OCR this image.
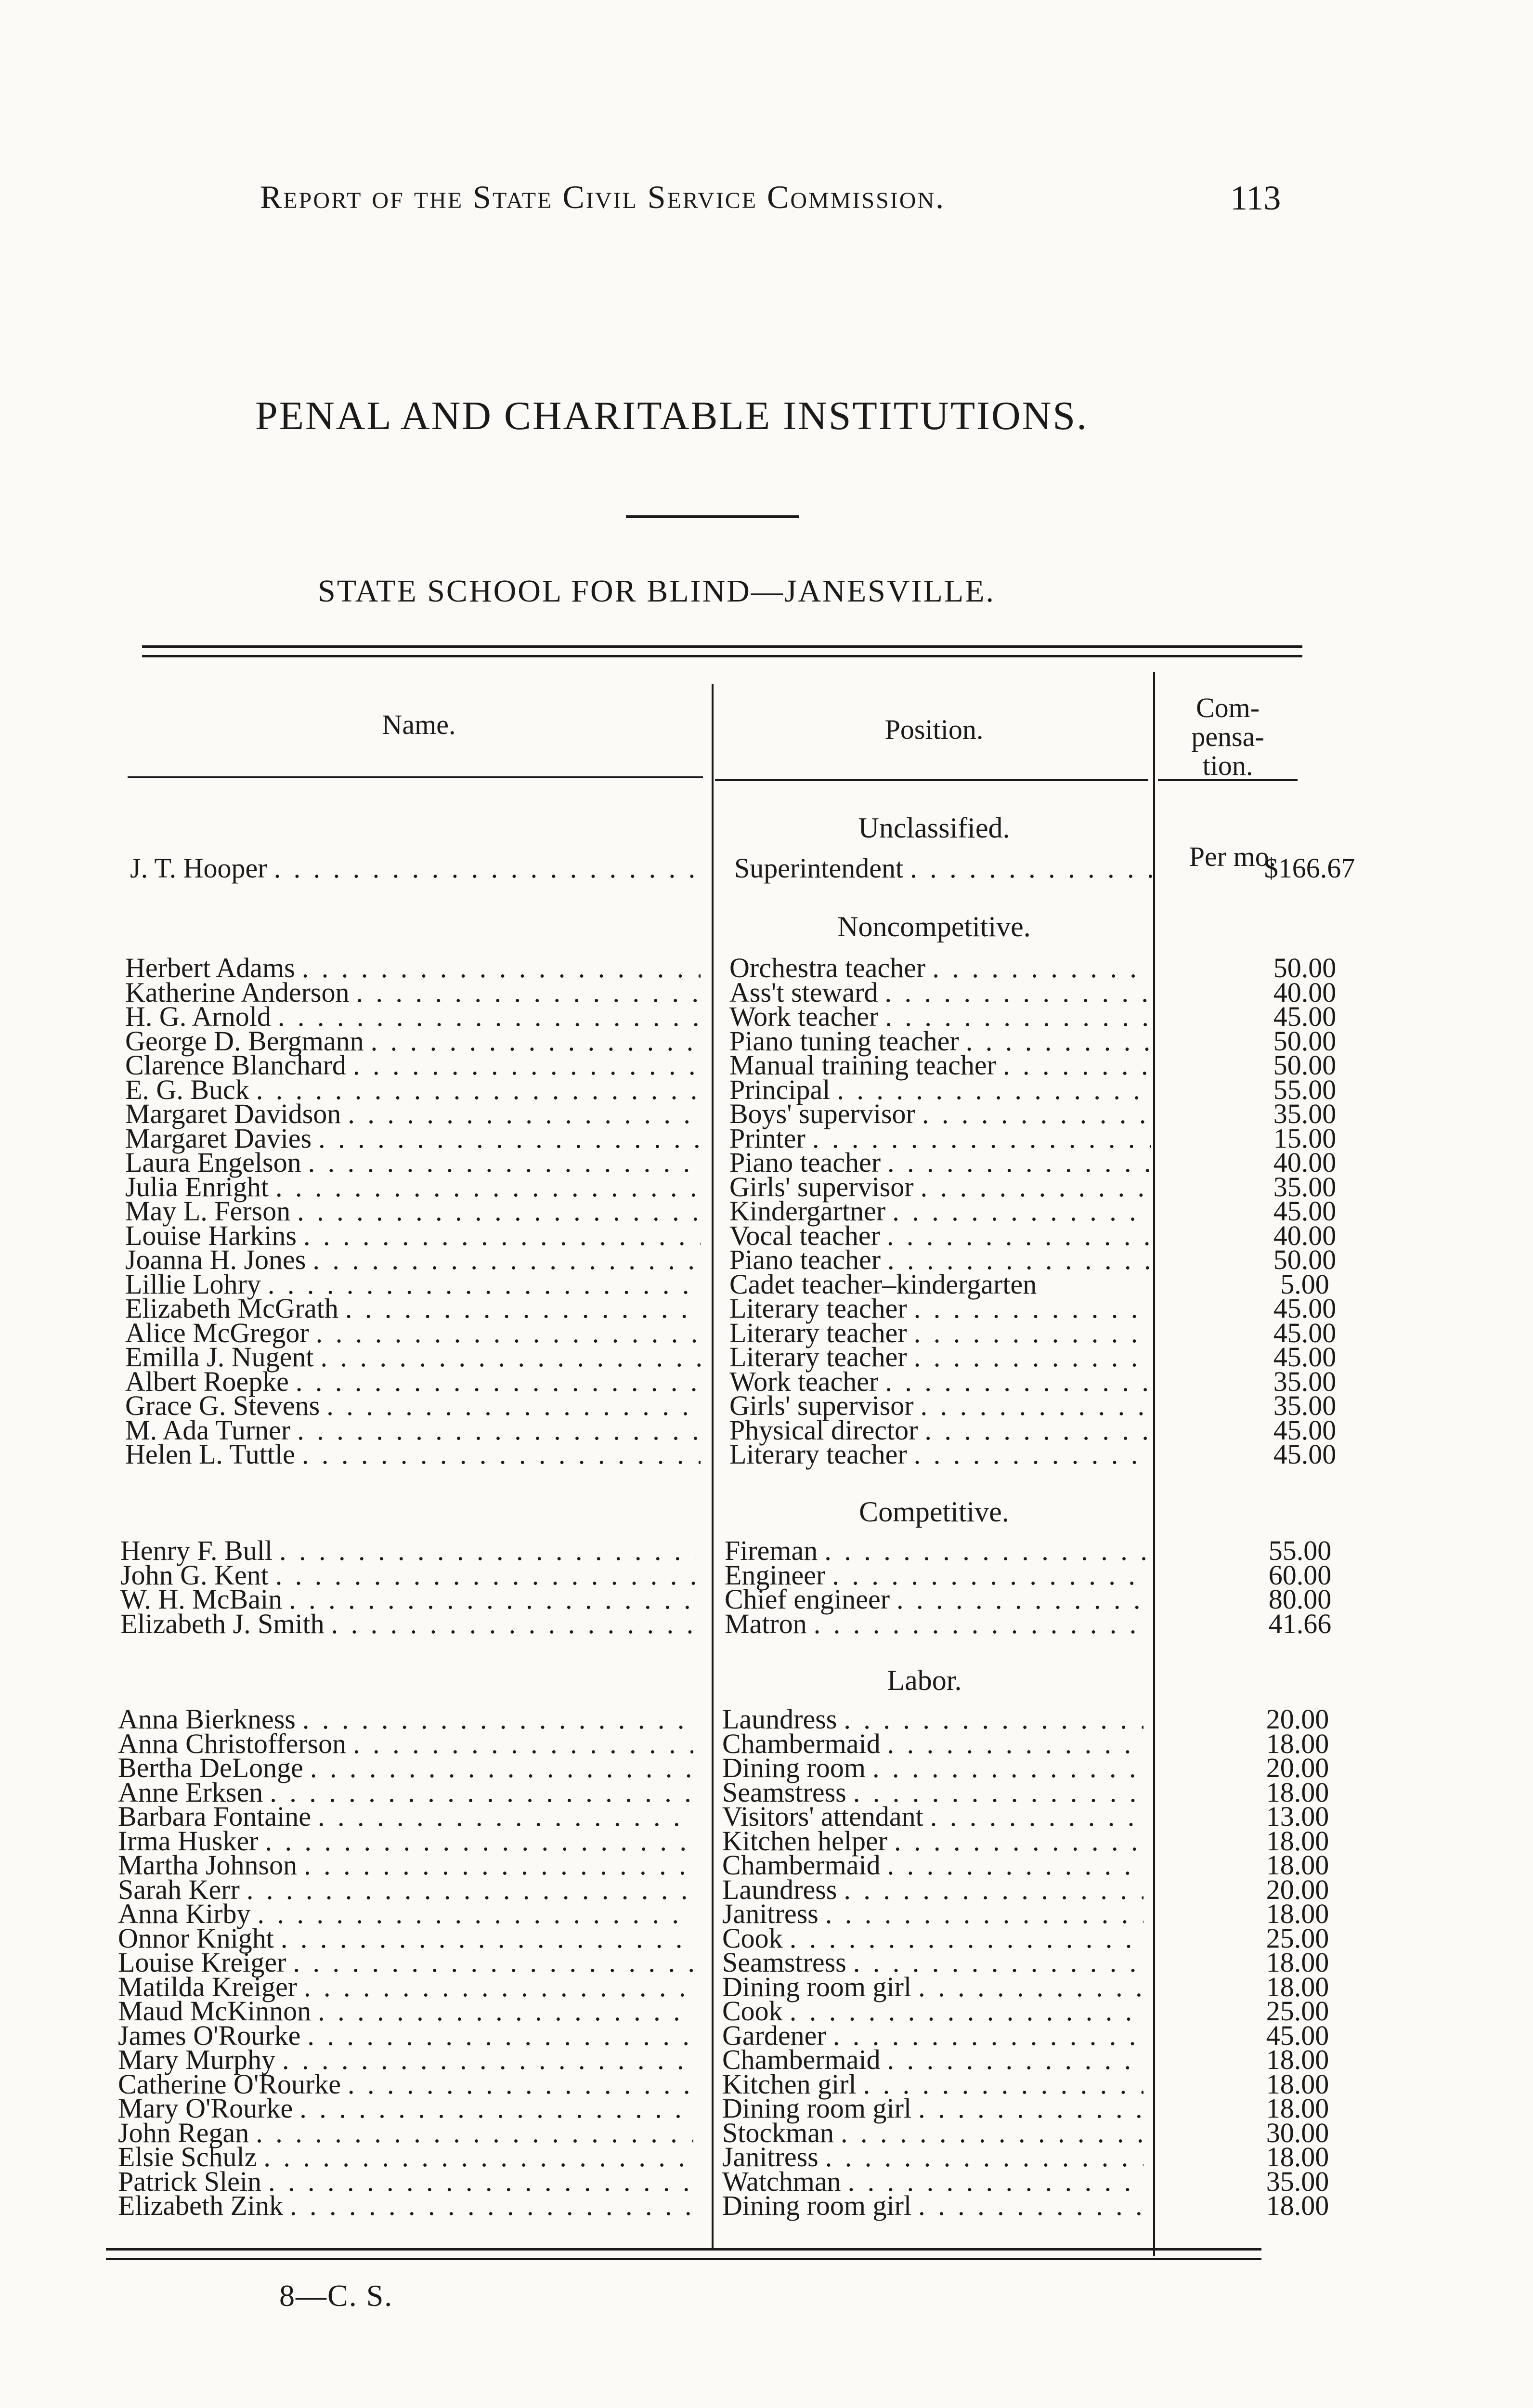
Report of the State Civil Service Commission.	113
PENAL AND CHARITABLE INSTITUTIONS.
STATE SCHOOL FOR BLIND—JANESVILLE.
Name.	Position.
Com-
pensa-
tion.
Unclassified.
Per mo.
J. T. Hooper . . .	Superintendent . . .	$166.67
Noncompetitive.
Herbert Adams . . .	Orchestra teacher . . .	50.00
Katherine Anderson . . .	Ass't steward . . .	40.00
H. G. Arnold . . .	Work teacher . . .	45.00
George D. Bergmann . . .	Piano tuning teacher . . .	50.00
Clarence Blanchard . . .	Manual training teacher . . .	50.00
E. G. Buck . . .	Principal . . .	55.00
Margaret Davidson . . .	Boys' supervisor . . .	35.00
Margaret Davies . . .	Printer . . .	15.00
Laura Engelson . . .	Piano teacher . . .	40.00
Julia Enright . . .	Girls' supervisor . . .	35.00
May L. Ferson . . .	Kindergartner . . .	45.00
Louise Harkins . . .	Vocal teacher . . .	40.00
Joanna H. Jones . . .	Piano teacher . . .	50.00
Lillie Lohry . . .	Cadet teacher–kindergarten	5.00
Elizabeth McGrath . . .	Literary teacher . . .	45.00
Alice McGregor . . .	Literary teacher . . .	45.00
Emilla J. Nugent . . .	Literary teacher . . .	45.00
Albert Roepke . . .	Work teacher . . .	35.00
Grace G. Stevens . . .	Girls' supervisor . . .	35.00
M. Ada Turner . . .	Physical director . . .	45.00
Helen L. Tuttle . . .	Literary teacher . . .	45.00
Competitive.
Henry F. Bull . . .	Fireman . . .	55.00
John G. Kent . . .	Engineer . . .	60.00
W. H. McBain . . .	Chief engineer . . .	80.00
Elizabeth J. Smith . . .	Matron . . .	41.66
Labor.
Anna Bierkness . . .	Laundress . . .	20.00
Anna Christofferson . . .	Chambermaid . . .	18.00
Bertha DeLonge . . .	Dining room . . .	20.00
Anne Erksen . . .	Seamstress . . .	18.00
Barbara Fontaine . . .	Visitors' attendant . . .	13.00
Irma Husker . . .	Kitchen helper . . .	18.00
Martha Johnson . . .	Chambermaid . . .	18.00
Sarah Kerr . . .	Laundress . . .	20.00
Anna Kirby . . .	Janitress . . .	18.00
Onnor Knight . . .	Cook . . .	25.00
Louise Kreiger . . .	Seamstress . . .	18.00
Matilda Kreiger . . .	Dining room girl . . .	18.00
Maud McKinnon . . .	Cook . . .	25.00
James O'Rourke . . .	Gardener . . .	45.00
Mary Murphy . . .	Chambermaid . . .	18.00
Catherine O'Rourke . . .	Kitchen girl . . .	18.00
Mary O'Rourke . . .	Dining room girl . . .	18.00
John Regan . . .	Stockman . . .	30.00
Elsie Schulz . . .	Janitress . . .	18.00
Patrick Slein . . .	Watchman . . .	35.00
Elizabeth Zink . . .	Dining room girl . . .	18.00
8—C. S.
